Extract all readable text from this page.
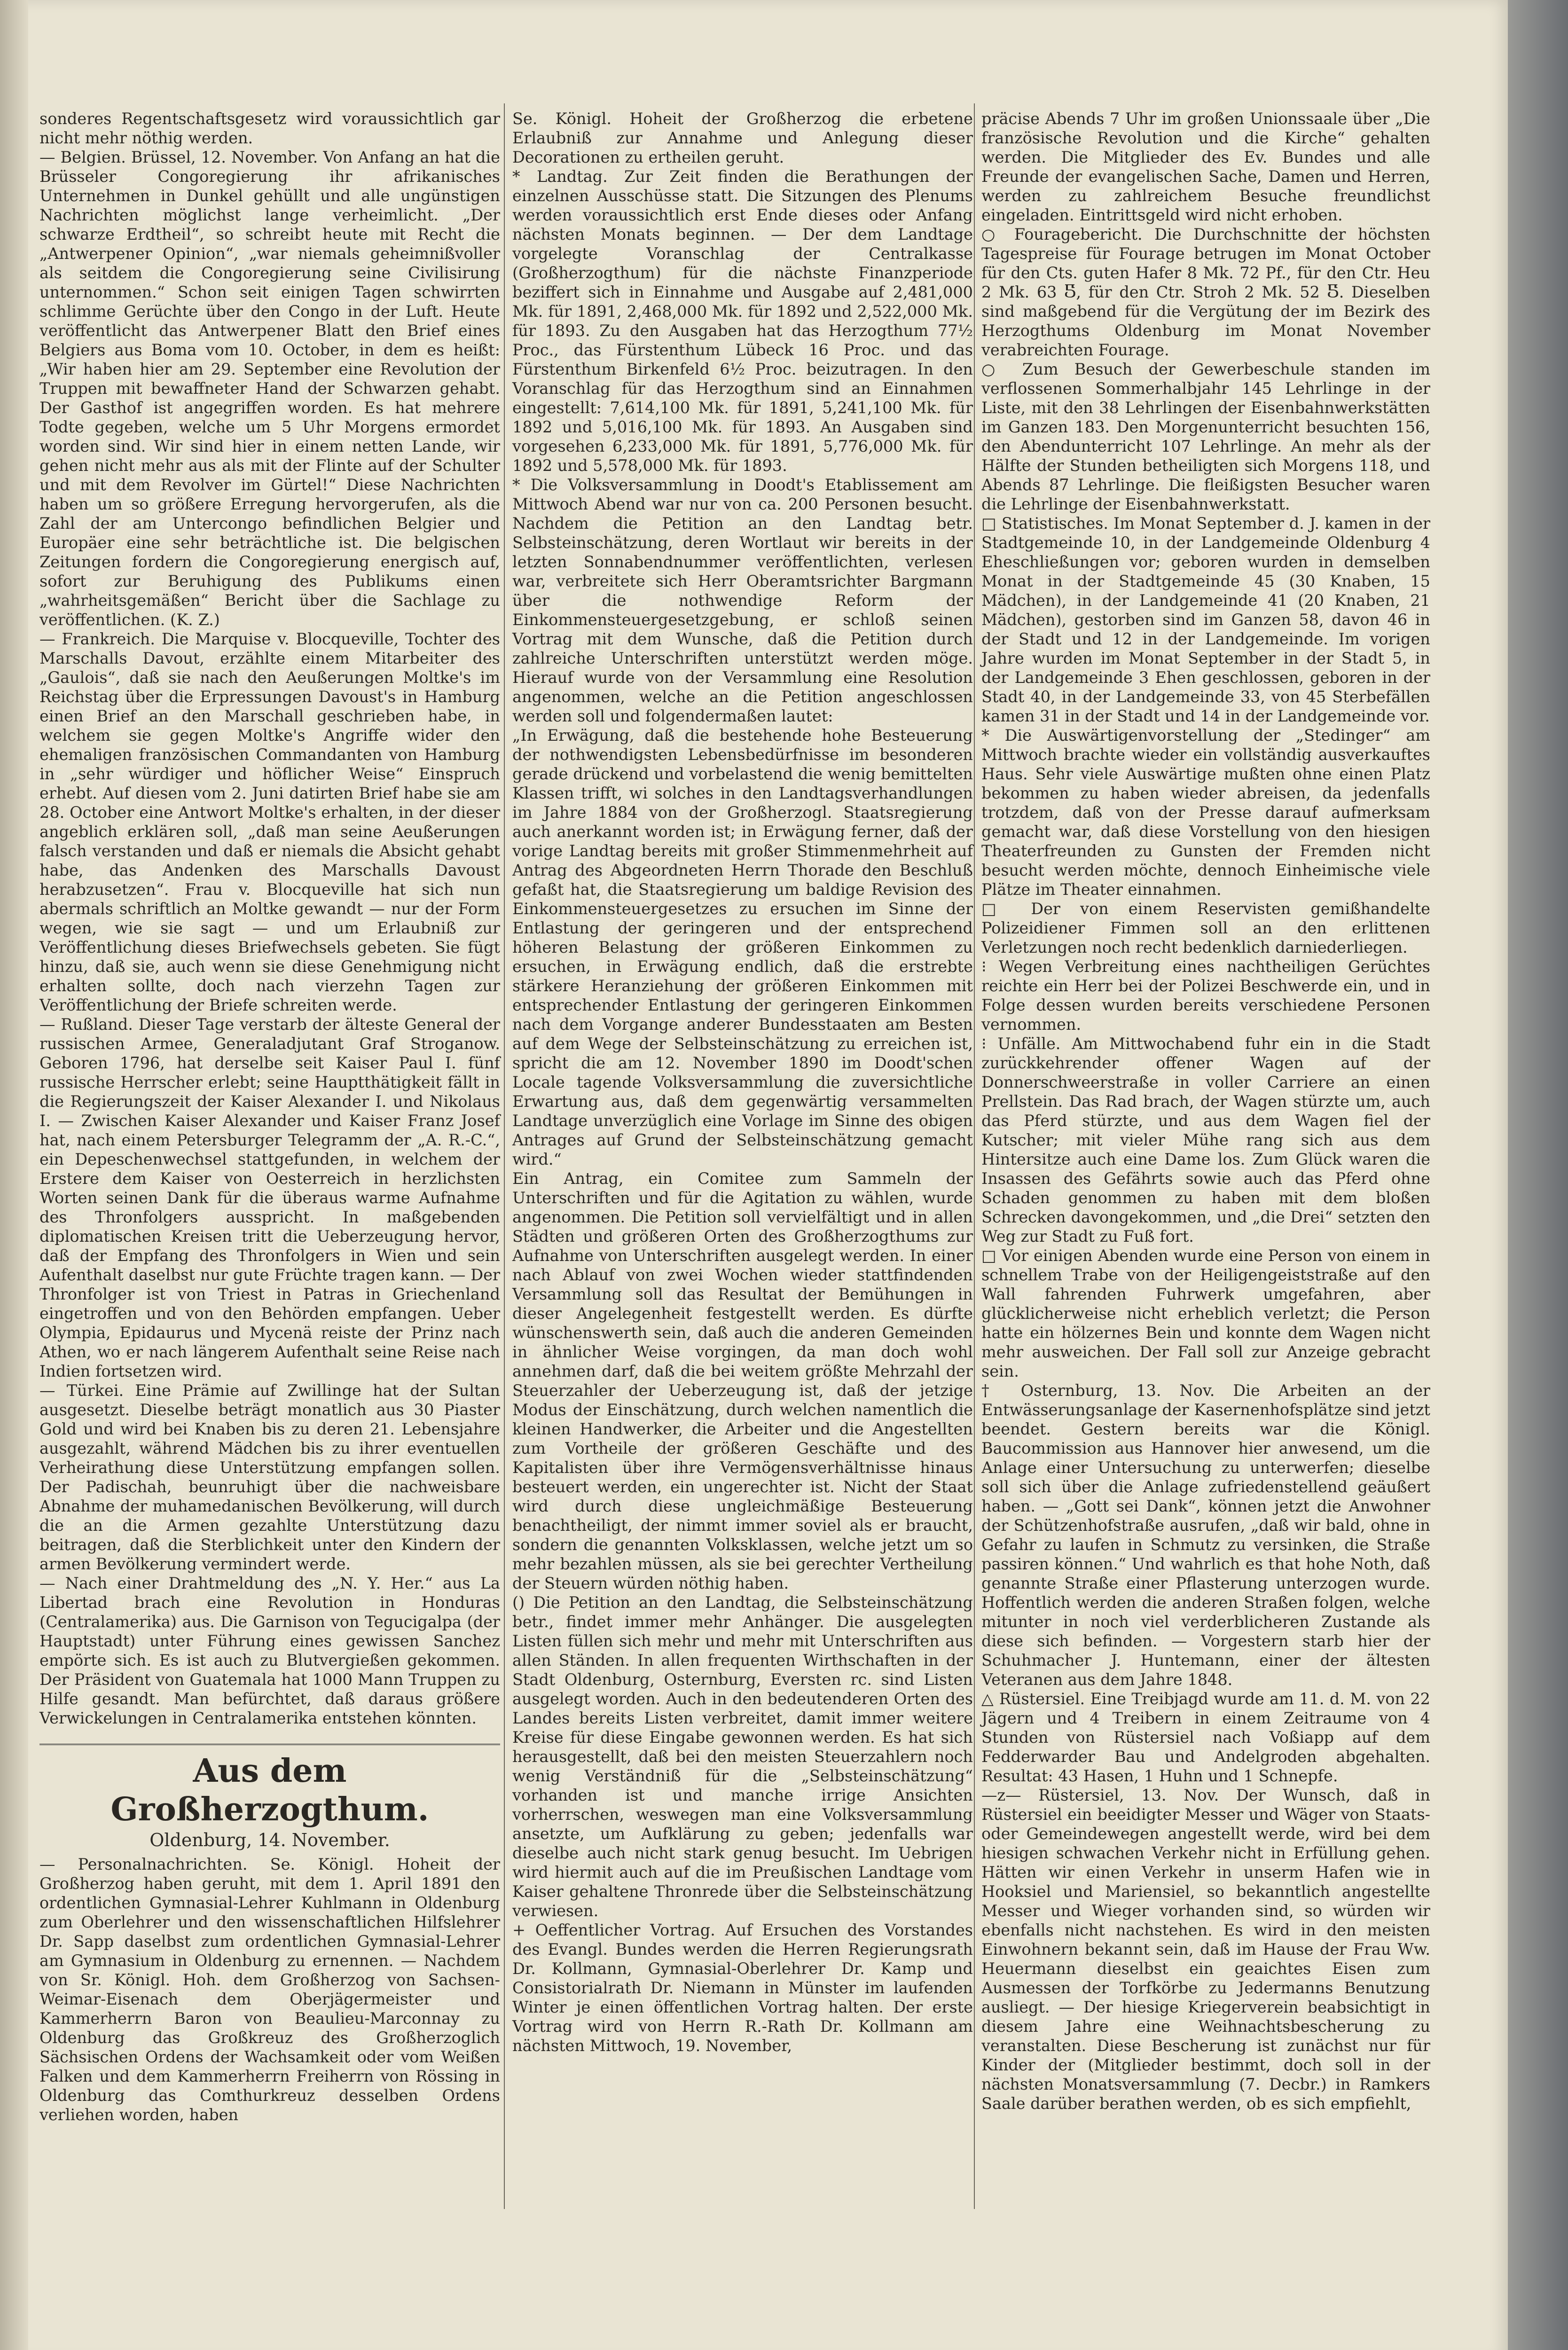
sonderes Regentschaftsgesetz wird voraussichtlich gar nicht mehr nöthig werden.

— Belgien. Brüssel, 12. November. Von Anfang an hat die Brüsseler Congoregierung ihr afrikanisches Unternehmen in Dunkel gehüllt und alle ungünstigen Nachrichten möglichst lange verheimlicht. „Der schwarze Erdtheil“, so schreibt heute mit Recht die „Antwerpener Opinion“, „war niemals geheimnißvoller als seitdem die Congoregierung seine Civilisirung unternommen.“ Schon seit einigen Tagen schwirrten schlimme Gerüchte über den Congo in der Luft. Heute veröffentlicht das Antwerpener Blatt den Brief eines Belgiers aus Boma vom 10. October, in dem es heißt: „Wir haben hier am 29. September eine Revolution der Truppen mit bewaffneter Hand der Schwarzen gehabt. Der Gasthof ist angegriffen worden. Es hat mehrere Todte gegeben, welche um 5 Uhr Morgens ermordet worden sind. Wir sind hier in einem netten Lande, wir gehen nicht mehr aus als mit der Flinte auf der Schulter und mit dem Revolver im Gürtel!“ Diese Nachrichten haben um so größere Erregung hervorgerufen, als die Zahl der am Untercongo befindlichen Belgier und Europäer eine sehr beträchtliche ist. Die belgischen Zeitungen fordern die Congoregierung energisch auf, sofort zur Beruhigung des Publikums einen „wahrheitsgemäßen“ Bericht über die Sachlage zu veröffentlichen. (K. Z.)

— Frankreich. Die Marquise v. Blocqueville, Tochter des Marschalls Davout, erzählte einem Mitarbeiter des „Gaulois“, daß sie nach den Aeußerungen Moltke's im Reichstag über die Erpressungen Davoust's in Hamburg einen Brief an den Marschall geschrieben habe, in welchem sie gegen Moltke's Angriffe wider den ehemaligen französischen Commandanten von Hamburg in „sehr würdiger und höflicher Weise“ Einspruch erhebt. Auf diesen vom 2. Juni datirten Brief habe sie am 28. October eine Antwort Moltke's erhalten, in der dieser angeblich erklären soll, „daß man seine Aeußerungen falsch verstanden und daß er niemals die Absicht gehabt habe, das Andenken des Marschalls Davoust herabzusetzen“. Frau v. Blocqueville hat sich nun abermals schriftlich an Moltke gewandt — nur der Form wegen, wie sie sagt — und um Erlaubniß zur Veröffentlichung dieses Briefwechsels gebeten. Sie fügt hinzu, daß sie, auch wenn sie diese Genehmigung nicht erhalten sollte, doch nach vierzehn Tagen zur Veröffentlichung der Briefe schreiten werde.

— Rußland. Dieser Tage verstarb der älteste General der russischen Armee, Generaladjutant Graf Stroganow. Geboren 1796, hat derselbe seit Kaiser Paul I. fünf russische Herrscher erlebt; seine Hauptthätigkeit fällt in die Regierungszeit der Kaiser Alexander I. und Nikolaus I. — Zwischen Kaiser Alexander und Kaiser Franz Josef hat, nach einem Petersburger Telegramm der „A. R.-C.“, ein Depeschenwechsel stattgefunden, in welchem der Erstere dem Kaiser von Oesterreich in herzlichsten Worten seinen Dank für die überaus warme Aufnahme des Thronfolgers ausspricht. In maßgebenden diplomatischen Kreisen tritt die Ueberzeugung hervor, daß der Empfang des Thronfolgers in Wien und sein Aufenthalt daselbst nur gute Früchte tragen kann. — Der Thronfolger ist von Triest in Patras in Griechenland eingetroffen und von den Behörden empfangen. Ueber Olympia, Epidaurus und Mycenä reiste der Prinz nach Athen, wo er nach längerem Aufenthalt seine Reise nach Indien fortsetzen wird.

— Türkei. Eine Prämie auf Zwillinge hat der Sultan ausgesetzt. Dieselbe beträgt monatlich aus 30 Piaster Gold und wird bei Knaben bis zu deren 21. Lebensjahre ausgezahlt, während Mädchen bis zu ihrer eventuellen Verheirathung diese Unterstützung empfangen sollen. Der Padischah, beunruhigt über die nachweisbare Abnahme der muhamedanischen Bevölkerung, will durch die an die Armen gezahlte Unterstützung dazu beitragen, daß die Sterblichkeit unter den Kindern der armen Bevölkerung vermindert werde.

— Nach einer Drahtmeldung des „N. Y. Her.“ aus La Libertad brach eine Revolution in Honduras (Centralamerika) aus. Die Garnison von Tegucigalpa (der Hauptstadt) unter Führung eines gewissen Sanchez empörte sich. Es ist auch zu Blutvergießen gekommen. Der Präsident von Guatemala hat 1000 Mann Truppen zu Hilfe gesandt. Man befürchtet, daß daraus größere Verwickelungen in Centralamerika entstehen könnten.

Aus dem Großherzogthum.
Oldenburg, 14. November.

— Personalnachrichten. Se. Königl. Hoheit der Großherzog haben geruht, mit dem 1. April 1891 den ordentlichen Gymnasial-Lehrer Kuhlmann in Oldenburg zum Oberlehrer und den wissenschaftlichen Hilfslehrer Dr. Sapp daselbst zum ordentlichen Gymnasial-Lehrer am Gymnasium in Oldenburg zu ernennen. — Nachdem von Sr. Königl. Hoh. dem Großherzog von Sachsen-Weimar-Eisenach dem Oberjägermeister und Kammerherrn Baron von Beaulieu-Marconnay zu Oldenburg das Großkreuz des Großherzoglich Sächsischen Ordens der Wachsamkeit oder vom Weißen Falken und dem Kammerherrn Freiherrn von Rössing in Oldenburg das Comthurkreuz desselben Ordens verliehen worden, haben

Se. Königl. Hoheit der Großherzog die erbetene Erlaubniß zur Annahme und Anlegung dieser Decorationen zu ertheilen geruht.

* Landtag. Zur Zeit finden die Berathungen der einzelnen Ausschüsse statt. Die Sitzungen des Plenums werden voraussichtlich erst Ende dieses oder Anfang nächsten Monats beginnen. — Der dem Landtage vorgelegte Voranschlag der Centralkasse (Großherzogthum) für die nächste Finanzperiode beziffert sich in Einnahme und Ausgabe auf 2,481,000 Mk. für 1891, 2,468,000 Mk. für 1892 und 2,522,000 Mk. für 1893. Zu den Ausgaben hat das Herzogthum 77½ Proc., das Fürstenthum Lübeck 16 Proc. und das Fürstenthum Birkenfeld 6½ Proc. beizutragen. In den Voranschlag für das Herzogthum sind an Einnahmen eingestellt: 7,614,100 Mk. für 1891, 5,241,100 Mk. für 1892 und 5,016,100 Mk. für 1893. An Ausgaben sind vorgesehen 6,233,000 Mk. für 1891, 5,776,000 Mk. für 1892 und 5,578,000 Mk. für 1893.

* Die Volksversammlung in Doodt's Etablissement am Mittwoch Abend war nur von ca. 200 Personen besucht. Nachdem die Petition an den Landtag betr. Selbsteinschätzung, deren Wortlaut wir bereits in der letzten Sonnabendnummer veröffentlichten, verlesen war, verbreitete sich Herr Oberamtsrichter Bargmann über die nothwendige Reform der Einkommensteuergesetzgebung, er schloß seinen Vortrag mit dem Wunsche, daß die Petition durch zahlreiche Unterschriften unterstützt werden möge. Hierauf wurde von der Versammlung eine Resolution angenommen, welche an die Petition angeschlossen werden soll und folgendermaßen lautet:

„In Erwägung, daß die bestehende hohe Besteuerung der nothwendigsten Lebensbedürfnisse im besonderen gerade drückend und vorbelastend die wenig bemittelten Klassen trifft, wi solches in den Landtagsverhandlungen im Jahre 1884 von der Großherzogl. Staatsregierung auch anerkannt worden ist; in Erwägung ferner, daß der vorige Landtag bereits mit großer Stimmenmehrheit auf Antrag des Abgeordneten Herrn Thorade den Beschluß gefaßt hat, die Staatsregierung um baldige Revision des Einkommensteuergesetzes zu ersuchen im Sinne der Entlastung der geringeren und der entsprechend höheren Belastung der größeren Einkommen zu ersuchen, in Erwägung endlich, daß die erstrebte stärkere Heranziehung der größeren Einkommen mit entsprechender Entlastung der geringeren Einkommen nach dem Vorgange anderer Bundesstaaten am Besten auf dem Wege der Selbsteinschätzung zu erreichen ist, spricht die am 12. November 1890 im Doodt'schen Locale tagende Volksversammlung die zuversichtliche Erwartung aus, daß dem gegenwärtig versammelten Landtage unverzüglich eine Vorlage im Sinne des obigen Antrages auf Grund der Selbsteinschätzung gemacht wird.“

Ein Antrag, ein Comitee zum Sammeln der Unterschriften und für die Agitation zu wählen, wurde angenommen. Die Petition soll vervielfältigt und in allen Städten und größeren Orten des Großherzogthums zur Aufnahme von Unterschriften ausgelegt werden. In einer nach Ablauf von zwei Wochen wieder stattfindenden Versammlung soll das Resultat der Bemühungen in dieser Angelegenheit festgestellt werden. Es dürfte wünschenswerth sein, daß auch die anderen Gemeinden in ähnlicher Weise vorgingen, da man doch wohl annehmen darf, daß die bei weitem größte Mehrzahl der Steuerzahler der Ueberzeugung ist, daß der jetzige Modus der Einschätzung, durch welchen namentlich die kleinen Handwerker, die Arbeiter und die Angestellten zum Vortheile der größeren Geschäfte und des Kapitalisten über ihre Vermögensverhältnisse hinaus besteuert werden, ein ungerechter ist. Nicht der Staat wird durch diese ungleichmäßige Besteuerung benachtheiligt, der nimmt immer soviel als er braucht, sondern die genannten Volksklassen, welche jetzt um so mehr bezahlen müssen, als sie bei gerechter Vertheilung der Steuern würden nöthig haben.

() Die Petition an den Landtag, die Selbsteinschätzung betr., findet immer mehr Anhänger. Die ausgelegten Listen füllen sich mehr und mehr mit Unterschriften aus allen Ständen. In allen frequenten Wirthschaften in der Stadt Oldenburg, Osternburg, Eversten rc. sind Listen ausgelegt worden. Auch in den bedeutenderen Orten des Landes bereits Listen verbreitet, damit immer weitere Kreise für diese Eingabe gewonnen werden. Es hat sich herausgestellt, daß bei den meisten Steuerzahlern noch wenig Verständniß für die „Selbsteinschätzung“ vorhanden ist und manche irrige Ansichten vorherrschen, weswegen man eine Volksversammlung ansetzte, um Aufklärung zu geben; jedenfalls war dieselbe auch nicht stark genug besucht. Im Uebrigen wird hiermit auch auf die im Preußischen Landtage vom Kaiser gehaltene Thronrede über die Selbsteinschätzung verwiesen.

+ Oeffentlicher Vortrag. Auf Ersuchen des Vorstandes des Evangl. Bundes werden die Herren Regierungsrath Dr. Kollmann, Gymnasial-Oberlehrer Dr. Kamp und Consistorialrath Dr. Niemann in Münster im laufenden Winter je einen öffentlichen Vortrag halten. Der erste Vortrag wird von Herrn R.-Rath Dr. Kollmann am nächsten Mittwoch, 19. November,

präcise Abends 7 Uhr im großen Unionssaale über „Die französische Revolution und die Kirche“ gehalten werden. Die Mitglieder des Ev. Bundes und alle Freunde der evangelischen Sache, Damen und Herren, werden zu zahlreichem Besuche freundlichst eingeladen. Eintrittsgeld wird nicht erhoben.

○ Fouragebericht. Die Durchschnitte der höchsten Tagespreise für Fourage betrugen im Monat October für den Cts. guten Hafer 8 Mk. 72 Pf., für den Ctr. Heu 2 Mk. 63 Ⴝ, für den Ctr. Stroh 2 Mk. 52 Ⴝ. Dieselben sind maßgebend für die Vergütung der im Bezirk des Herzogthums Oldenburg im Monat November verabreichten Fourage.

○ Zum Besuch der Gewerbeschule standen im verflossenen Sommerhalbjahr 145 Lehrlinge in der Liste, mit den 38 Lehrlingen der Eisenbahnwerkstätten im Ganzen 183. Den Morgenunterricht besuchten 156, den Abendunterricht 107 Lehrlinge. An mehr als der Hälfte der Stunden betheiligten sich Morgens 118, und Abends 87 Lehrlinge. Die fleißigsten Besucher waren die Lehrlinge der Eisenbahnwerkstatt.

□ Statistisches. Im Monat September d. J. kamen in der Stadtgemeinde 10, in der Landgemeinde Oldenburg 4 Eheschließungen vor; geboren wurden in demselben Monat in der Stadtgemeinde 45 (30 Knaben, 15 Mädchen), in der Landgemeinde 41 (20 Knaben, 21 Mädchen), gestorben sind im Ganzen 58, davon 46 in der Stadt und 12 in der Landgemeinde. Im vorigen Jahre wurden im Monat September in der Stadt 5, in der Landgemeinde 3 Ehen geschlossen, geboren in der Stadt 40, in der Landgemeinde 33, von 45 Sterbefällen kamen 31 in der Stadt und 14 in der Landgemeinde vor.

* Die Auswärtigenvorstellung der „Stedinger“ am Mittwoch brachte wieder ein vollständig ausverkauftes Haus. Sehr viele Auswärtige mußten ohne einen Platz bekommen zu haben wieder abreisen, da jedenfalls trotzdem, daß von der Presse darauf aufmerksam gemacht war, daß diese Vorstellung von den hiesigen Theaterfreunden zu Gunsten der Fremden nicht besucht werden möchte, dennoch Einheimische viele Plätze im Theater einnahmen.

□ Der von einem Reservisten gemißhandelte Polizeidiener Fimmen soll an den erlittenen Verletzungen noch recht bedenklich darniederliegen.

⁝ Wegen Verbreitung eines nachtheiligen Gerüchtes reichte ein Herr bei der Polizei Beschwerde ein, und in Folge dessen wurden bereits verschiedene Personen vernommen.

⁝ Unfälle. Am Mittwochabend fuhr ein in die Stadt zurückkehrender offener Wagen auf der Donnerschweerstraße in voller Carriere an einen Prellstein. Das Rad brach, der Wagen stürzte um, auch das Pferd stürzte, und aus dem Wagen fiel der Kutscher; mit vieler Mühe rang sich aus dem Hintersitze auch eine Dame los. Zum Glück waren die Insassen des Gefährts sowie auch das Pferd ohne Schaden genommen zu haben mit dem bloßen Schrecken davongekommen, und „die Drei“ setzten den Weg zur Stadt zu Fuß fort.

□ Vor einigen Abenden wurde eine Person von einem in schnellem Trabe von der Heiligengeiststraße auf den Wall fahrenden Fuhrwerk umgefahren, aber glücklicherweise nicht erheblich verletzt; die Person hatte ein hölzernes Bein und konnte dem Wagen nicht mehr ausweichen. Der Fall soll zur Anzeige gebracht sein.

† Osternburg, 13. Nov. Die Arbeiten an der Entwässerungsanlage der Kasernenhofsplätze sind jetzt beendet. Gestern bereits war die Königl. Baucommission aus Hannover hier anwesend, um die Anlage einer Untersuchung zu unterwerfen; dieselbe soll sich über die Anlage zufriedenstellend geäußert haben. — „Gott sei Dank“, können jetzt die Anwohner der Schützenhofstraße ausrufen, „daß wir bald, ohne in Gefahr zu laufen in Schmutz zu versinken, die Straße passiren können.“ Und wahrlich es that hohe Noth, daß genannte Straße einer Pflasterung unterzogen wurde. Hoffentlich werden die anderen Straßen folgen, welche mitunter in noch viel verderblicheren Zustande als diese sich befinden. — Vorgestern starb hier der Schuhmacher J. Huntemann, einer der ältesten Veteranen aus dem Jahre 1848.

△ Rüstersiel. Eine Treibjagd wurde am 11. d. M. von 22 Jägern und 4 Treibern in einem Zeitraume von 4 Stunden von Rüstersiel nach Voßiapp auf dem Fedderwarder Bau und Andelgroden abgehalten. Resultat: 43 Hasen, 1 Huhn und 1 Schnepfe.

—z— Rüstersiel, 13. Nov. Der Wunsch, daß in Rüstersiel ein beeidigter Messer und Wäger von Staats- oder Gemeindewegen angestellt werde, wird bei dem hiesigen schwachen Verkehr nicht in Erfüllung gehen. Hätten wir einen Verkehr in unserm Hafen wie in Hooksiel und Mariensiel, so bekanntlich angestellte Messer und Wieger vorhanden sind, so würden wir ebenfalls nicht nachstehen. Es wird in den meisten Einwohnern bekannt sein, daß im Hause der Frau Ww. Heuermann dieselbst ein geaichtes Eisen zum Ausmessen der Torfkörbe zu Jedermanns Benutzung ausliegt. — Der hiesige Kriegerverein beabsichtigt in diesem Jahre eine Weihnachtsbescherung zu veranstalten. Diese Bescherung ist zunächst nur für Kinder der (Mitglieder bestimmt, doch soll in der nächsten Monatsversammlung (7. Decbr.) in Ramkers Saale darüber berathen werden, ob es sich empfiehlt,
